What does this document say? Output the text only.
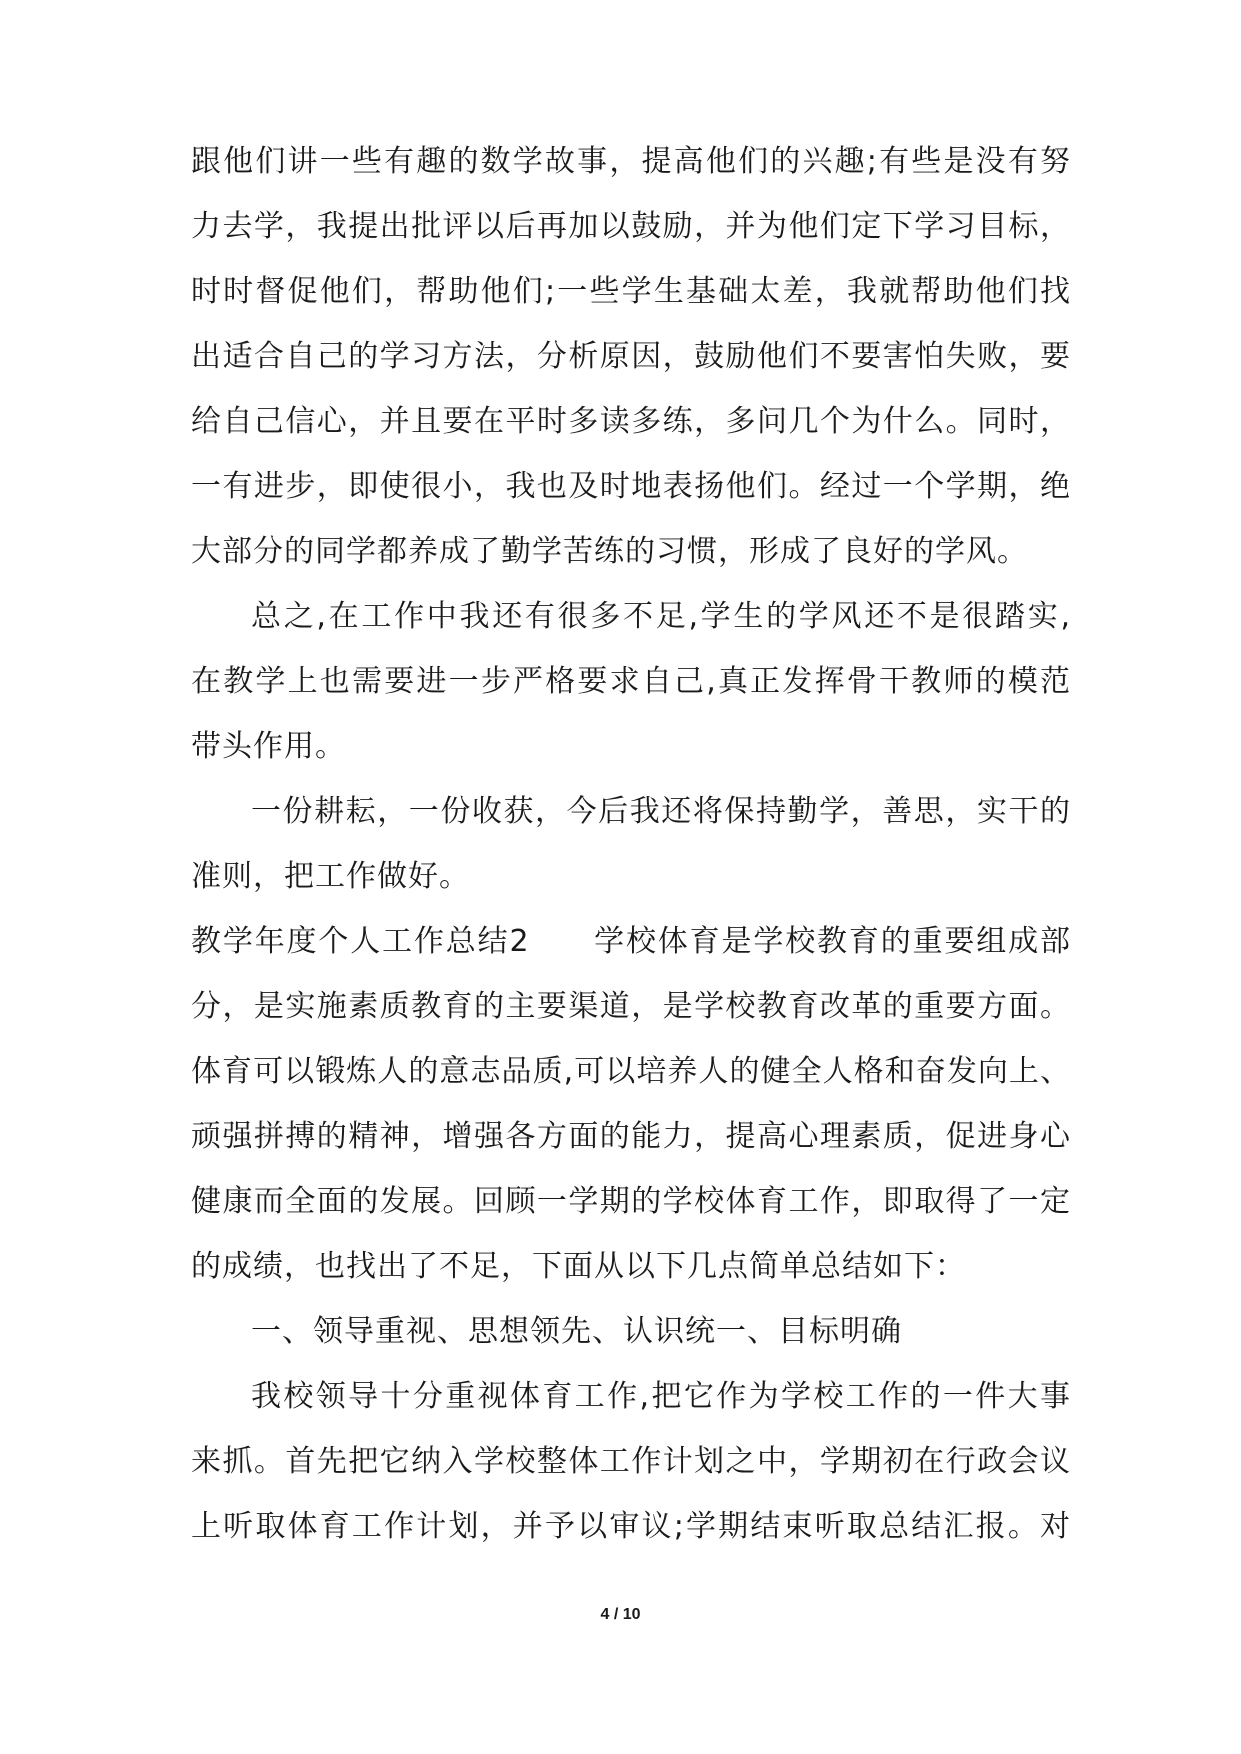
跟他们讲一些有趣的数学故事，提高他们的兴趣;有些是没有努
力去学，我提出批评以后再加以鼓励，并为他们定下学习目标，
时时督促他们，帮助他们;一些学生基础太差，我就帮助他们找
出适合自己的学习方法，分析原因，鼓励他们不要害怕失败，要
给自己信心，并且要在平时多读多练，多问几个为什么。同时，
一有进步，即使很小，我也及时地表扬他们。经过一个学期，绝
大部分的同学都养成了勤学苦练的习惯，形成了良好的学风。
总之,在工作中我还有很多不足,学生的学风还不是很踏实,
在教学上也需要进一步严格要求自己,真正发挥骨干教师的模范
带头作用。
一份耕耘，一份收获，今后我还将保持勤学，善思，实干的
准则，把工作做好。
教学年度个人工作总结2　　学校体育是学校教育的重要组成部
分，是实施素质教育的主要渠道，是学校教育改革的重要方面。
体育可以锻炼人的意志品质,可以培养人的健全人格和奋发向上、
顽强拼搏的精神，增强各方面的能力，提高心理素质，促进身心
健康而全面的发展。回顾一学期的学校体育工作，即取得了一定
的成绩，也找出了不足，下面从以下几点简单总结如下：
一、领导重视、思想领先、认识统一、目标明确
我校领导十分重视体育工作,把它作为学校工作的一件大事
来抓。首先把它纳入学校整体工作计划之中，学期初在行政会议
上听取体育工作计划，并予以审议;学期结束听取总结汇报。对
4 / 10
